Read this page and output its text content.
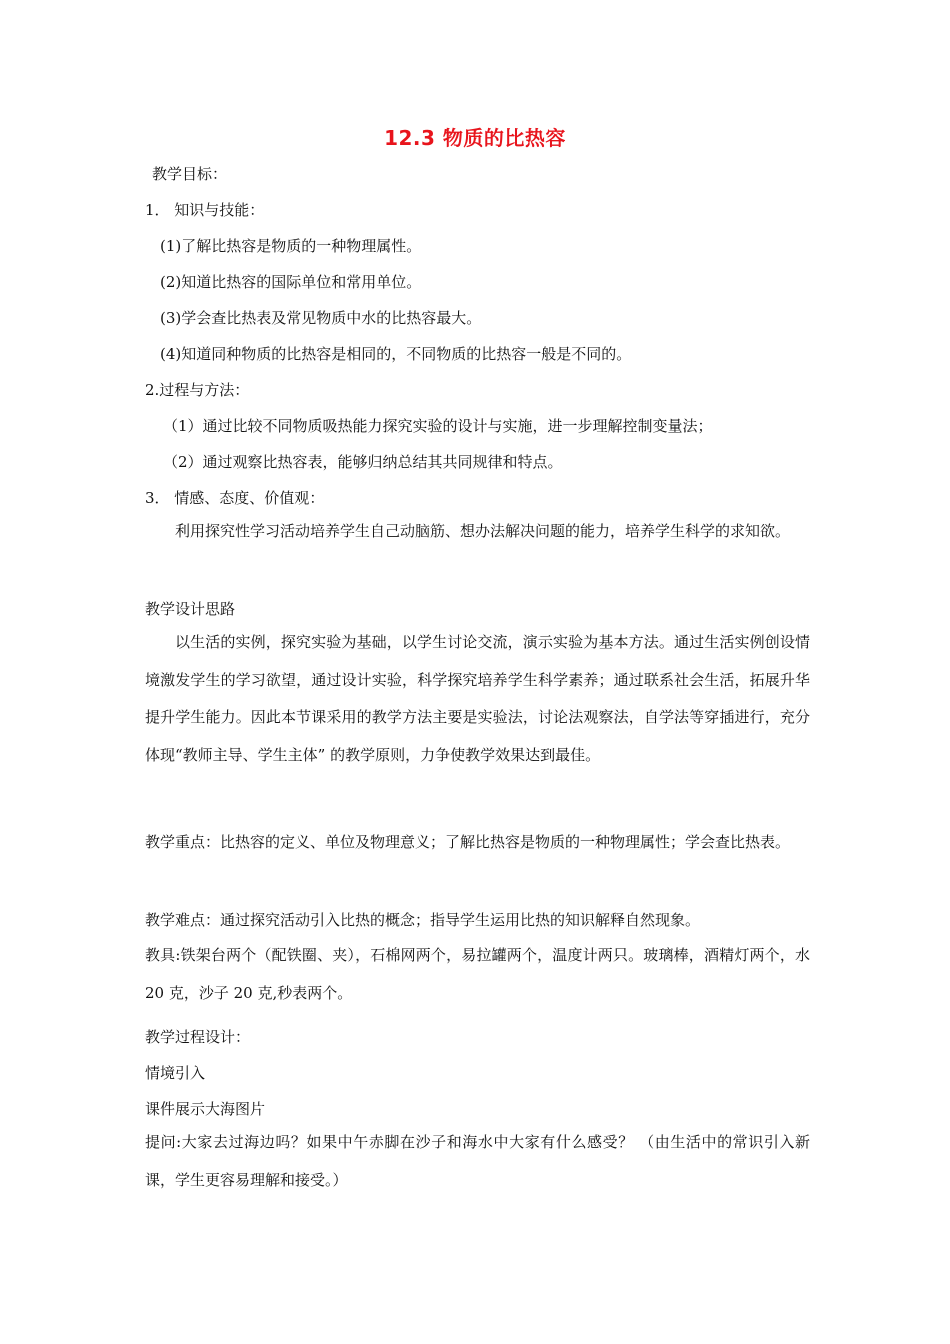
12.3 物质的比热容
教学目标：
1． 知识与技能：
(1)了解比热容是物质的一种物理属性。
(2)知道比热容的国际单位和常用单位。
(3)学会查比热表及常见物质中水的比热容最大。
(4)知道同种物质的比热容是相同的，不同物质的比热容一般是不同的。
2.过程与方法：
（1）通过比较不同物质吸热能力探究实验的设计与实施，进一步理解控制变量法；
（2）通过观察比热容表，能够归纳总结其共同规律和特点。
3． 情感、态度、价值观：
利用探究性学习活动培养学生自己动脑筋、想办法解决问题的能力，培养学生科学的求知欲。
教学设计思路
以生活的实例，探究实验为基础，以学生讨论交流，演示实验为基本方法。通过生活实例创设情境激发学生的学习欲望，通过设计实验，科学探究培养学生科学素养；通过联系社会生活，拓展升华提升学生能力。因此本节课采用的教学方法主要是实验法，讨论法观察法，自学法等穿插进行，充分体现“教师主导、学生主体” 的教学原则，力争使教学效果达到最佳。
教学重点：比热容的定义、单位及物理意义；了解比热容是物质的一种物理属性；学会查比热表。
教学难点：通过探究活动引入比热的概念；指导学生运用比热的知识解释自然现象。
教具:铁架台两个（配铁圈、夹），石棉网两个，易拉罐两个，温度计两只。玻璃棒，酒精灯两个，水 20 克，沙子 20 克,秒表两个。
教学过程设计：
情境引入
课件展示大海图片
提问:大家去过海边吗？如果中午赤脚在沙子和海水中大家有什么感受？ （由生活中的常识引入新课，学生更容易理解和接受。）
